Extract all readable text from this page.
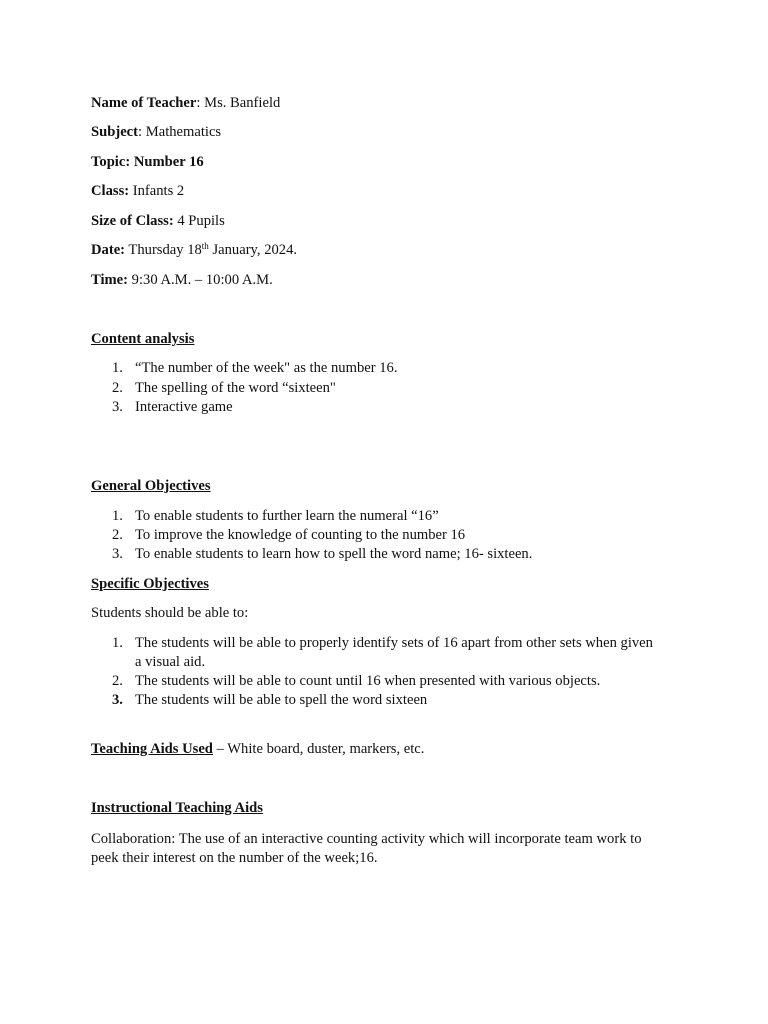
Name of Teacher: Ms. Banfield
Subject: Mathematics
Topic: Number 16
Class: Infants 2
Size of Class: 4 Pupils
Date: Thursday 18th January, 2024.
Time: 9:30 A.M. – 10:00 A.M.
Content analysis
1. “The number of the week" as the number 16.
2. The spelling of the word “sixteen"
3. Interactive game
General Objectives
1. To enable students to further learn the numeral “16”
2. To improve the knowledge of counting to the number 16
3. To enable students to learn how to spell the word name; 16- sixteen.
Specific Objectives
Students should be able to:
1. The students will be able to properly identify sets of 16 apart from other sets when given
a visual aid.
2. The students will be able to count until 16 when presented with various objects.
3. The students will be able to spell the word sixteen
Teaching Aids Used – White board, duster, markers, etc.
Instructional Teaching Aids
Collaboration: The use of an interactive counting activity which will incorporate team work to
peek their interest on the number of the week;16.
